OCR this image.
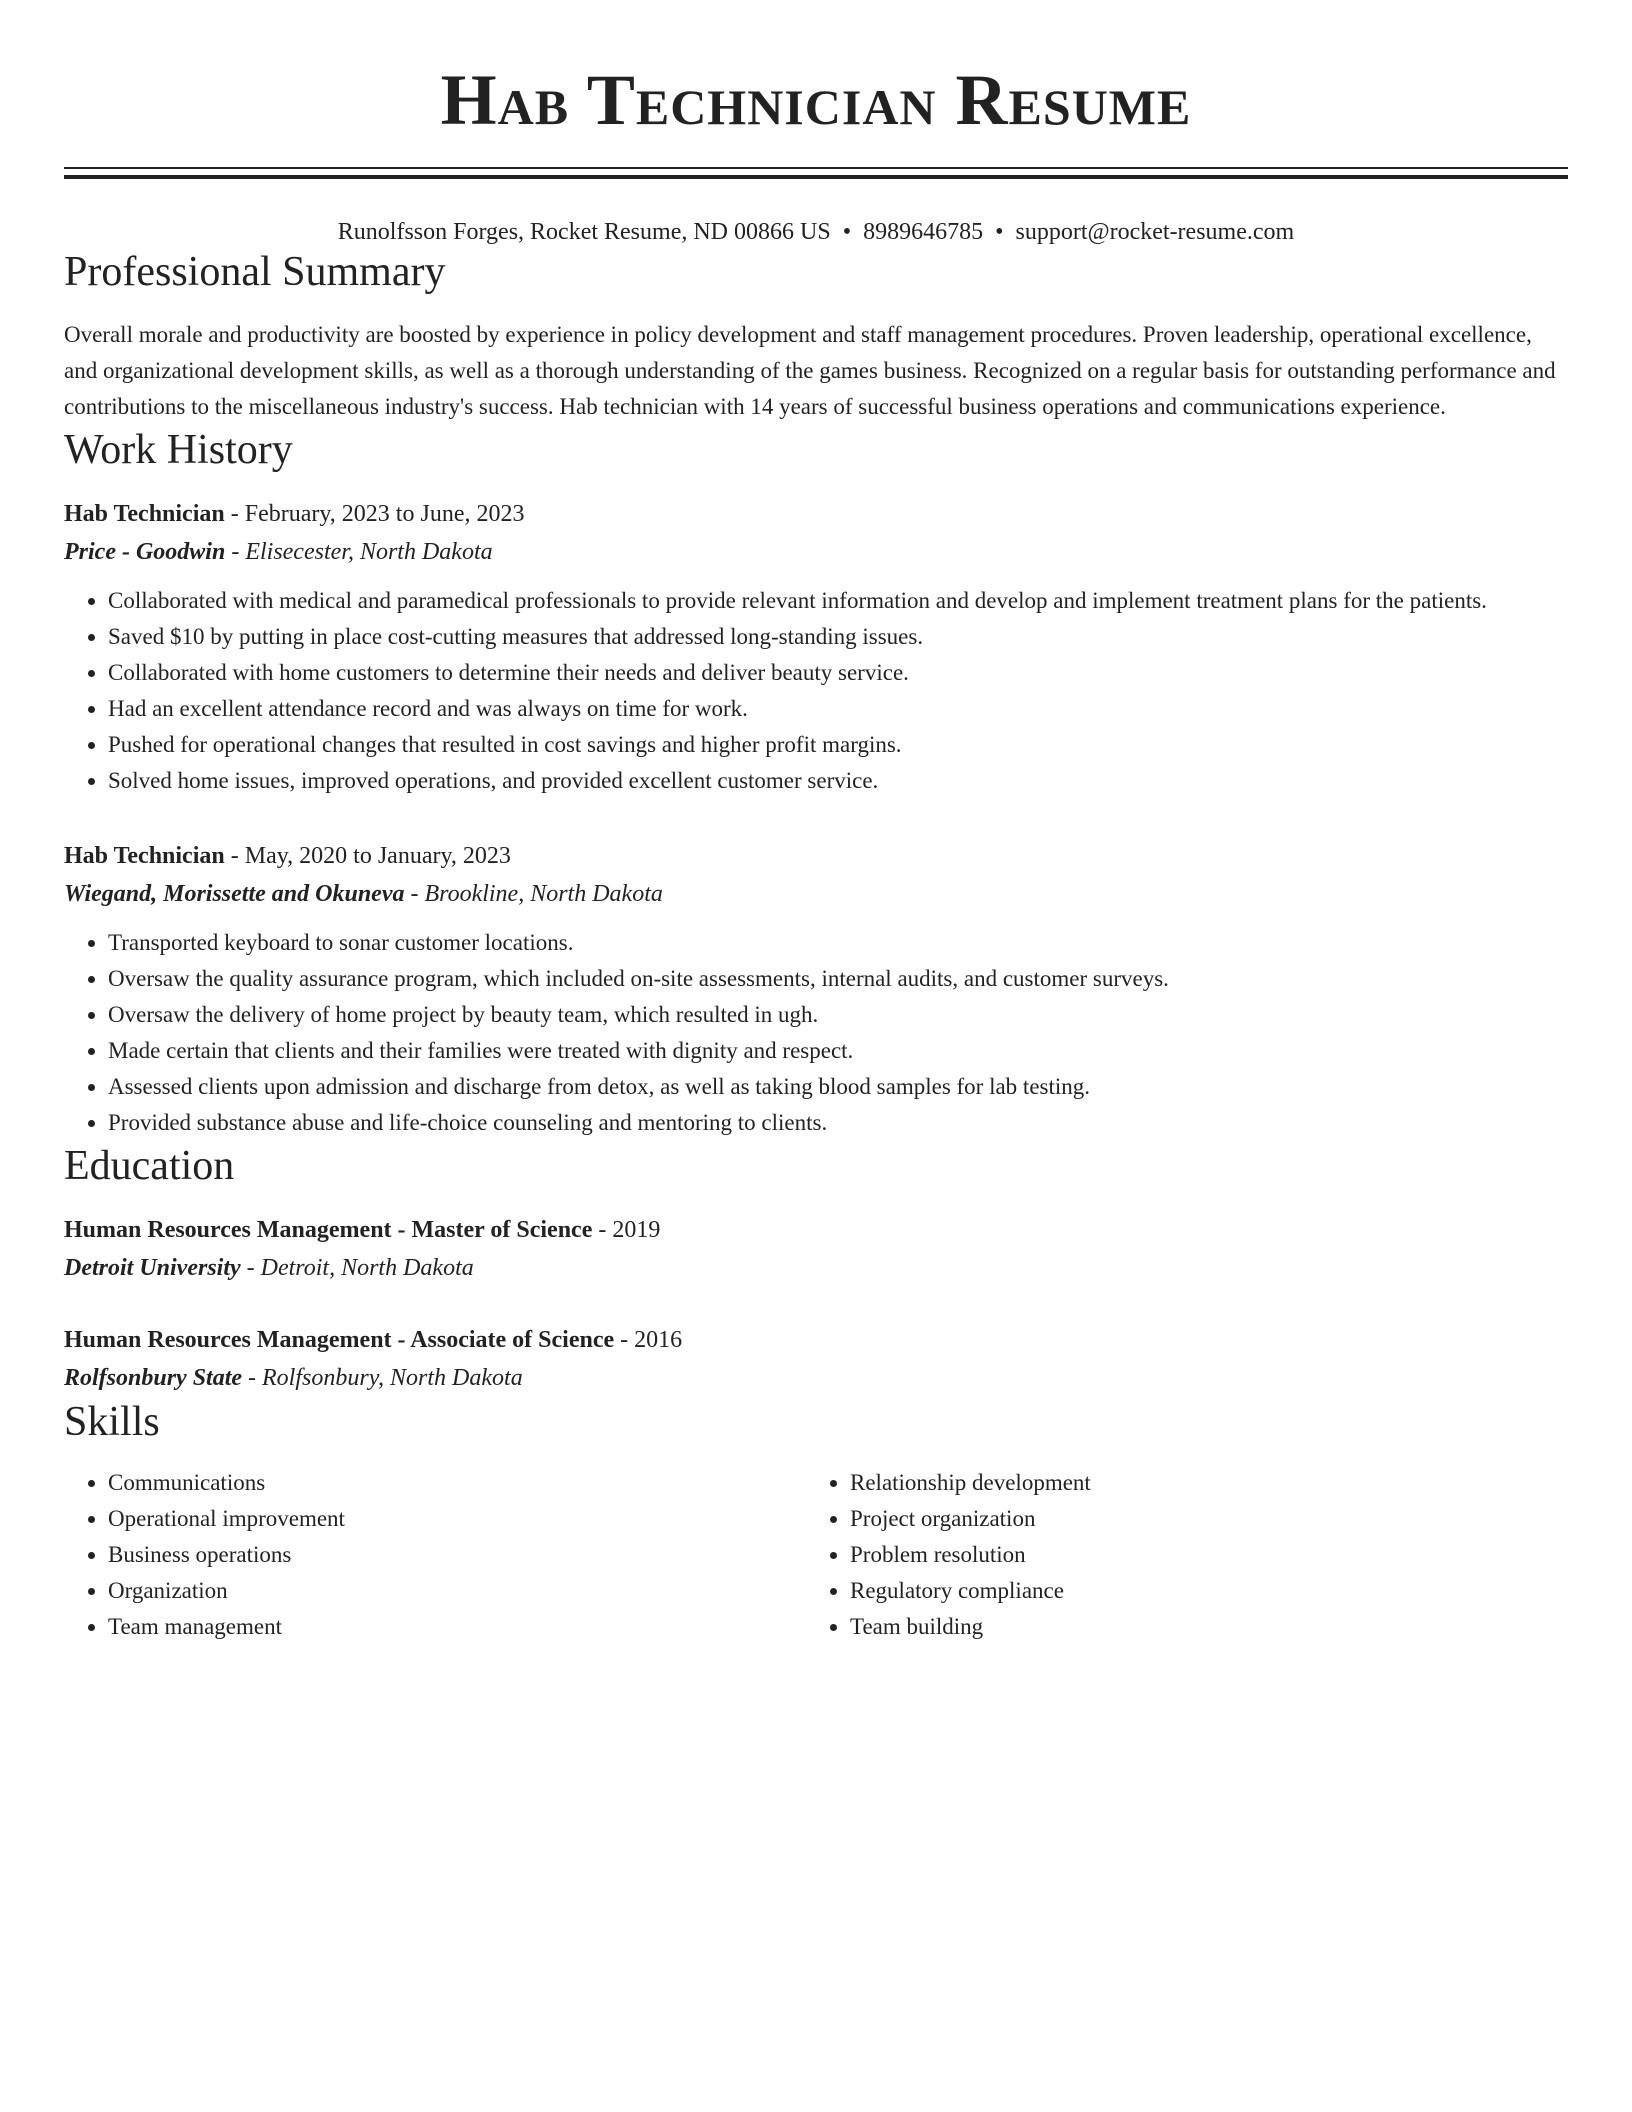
Hab Technician Resume
Runolfsson Forges, Rocket Resume, ND 00866 US • 8989646785 • support@rocket-resume.com
Professional Summary

Overall morale and productivity are boosted by experience in policy development and staff management procedures. Proven leadership, operational excellence, and organizational development skills, as well as a thorough understanding of the games business. Recognized on a regular basis for outstanding performance and contributions to the miscellaneous industry's success. Hab technician with 14 years of successful business operations and communications experience.

Work History
Hab Technician - February, 2023 to June, 2023
Price - Goodwin - Elisecester, North Dakota
• Collaborated with medical and paramedical professionals to provide relevant information and develop and implement treatment plans for the patients.
• Saved $10 by putting in place cost-cutting measures that addressed long-standing issues.
• Collaborated with home customers to determine their needs and deliver beauty service.
• Had an excellent attendance record and was always on time for work.
• Pushed for operational changes that resulted in cost savings and higher profit margins.
• Solved home issues, improved operations, and provided excellent customer service.
Hab Technician - May, 2020 to January, 2023
Wiegand, Morissette and Okuneva - Brookline, North Dakota
• Transported keyboard to sonar customer locations.
• Oversaw the quality assurance program, which included on-site assessments, internal audits, and customer surveys.
• Oversaw the delivery of home project by beauty team, which resulted in ugh.
• Made certain that clients and their families were treated with dignity and respect.
• Assessed clients upon admission and discharge from detox, as well as taking blood samples for lab testing.
• Provided substance abuse and life-choice counseling and mentoring to clients.
Education
Human Resources Management - Master of Science - 2019
Detroit University - Detroit, North Dakota
Human Resources Management - Associate of Science - 2016
Rolfsonbury State - Rolfsonbury, North Dakota
Skills
• Communications
• Operational improvement
• Business operations
• Organization
• Team management
• Relationship development
• Project organization
• Problem resolution
• Regulatory compliance
• Team building
